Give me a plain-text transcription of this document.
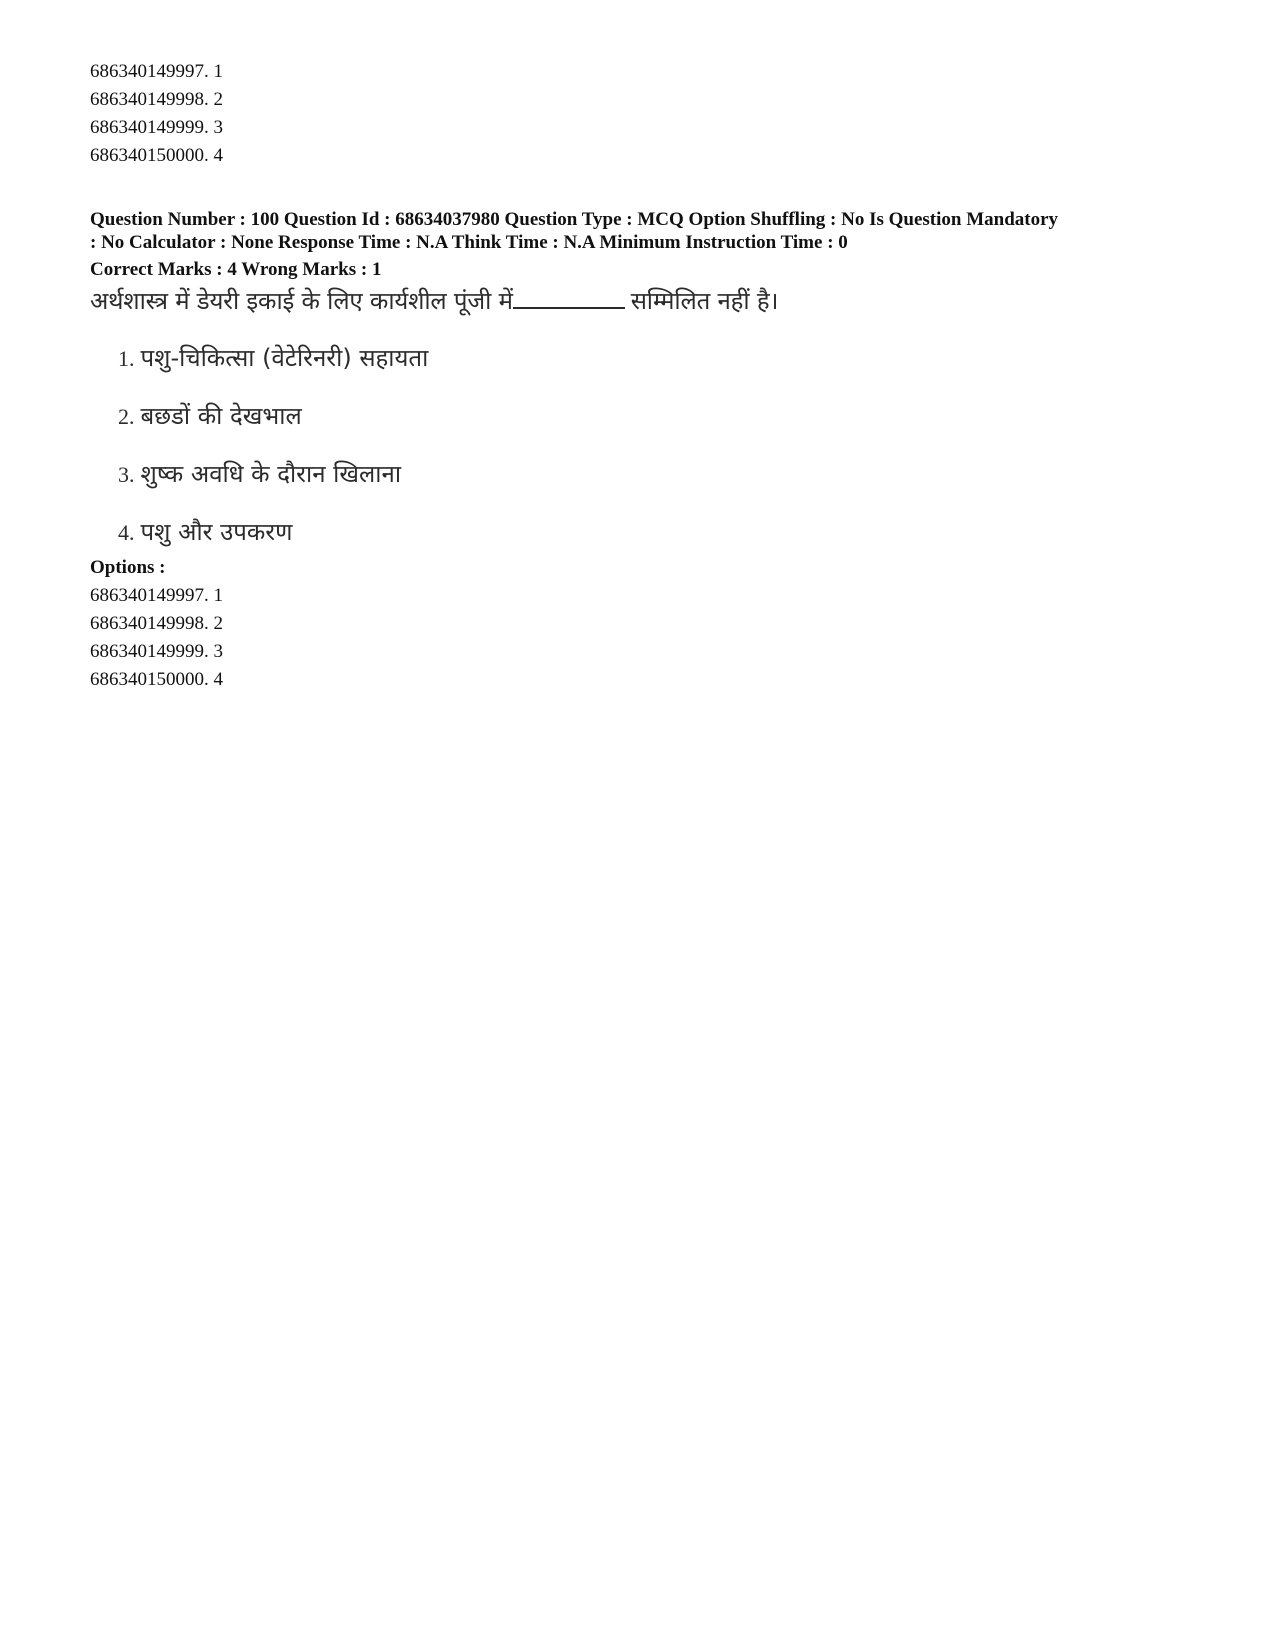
686340149997. 1
686340149998. 2
686340149999. 3
686340150000. 4
Question Number : 100 Question Id : 68634037980 Question Type : MCQ Option Shuffling : No Is Question Mandatory
: No Calculator : None Response Time : N.A Think Time : N.A Minimum Instruction Time : 0
Correct Marks : 4 Wrong Marks : 1
अर्थशास्त्र में डेयरी इकाई के लिए कार्यशील पूंजी में	सम्मिलित नहीं है।
1. पशु-चिकित्सा (वेटेरिनरी) सहायता
2. बछडों की देखभाल
3. शुष्क अवधि के दौरान खिलाना
4. पशु और उपकरण
Options :
686340149997. 1
686340149998. 2
686340149999. 3
686340150000. 4
